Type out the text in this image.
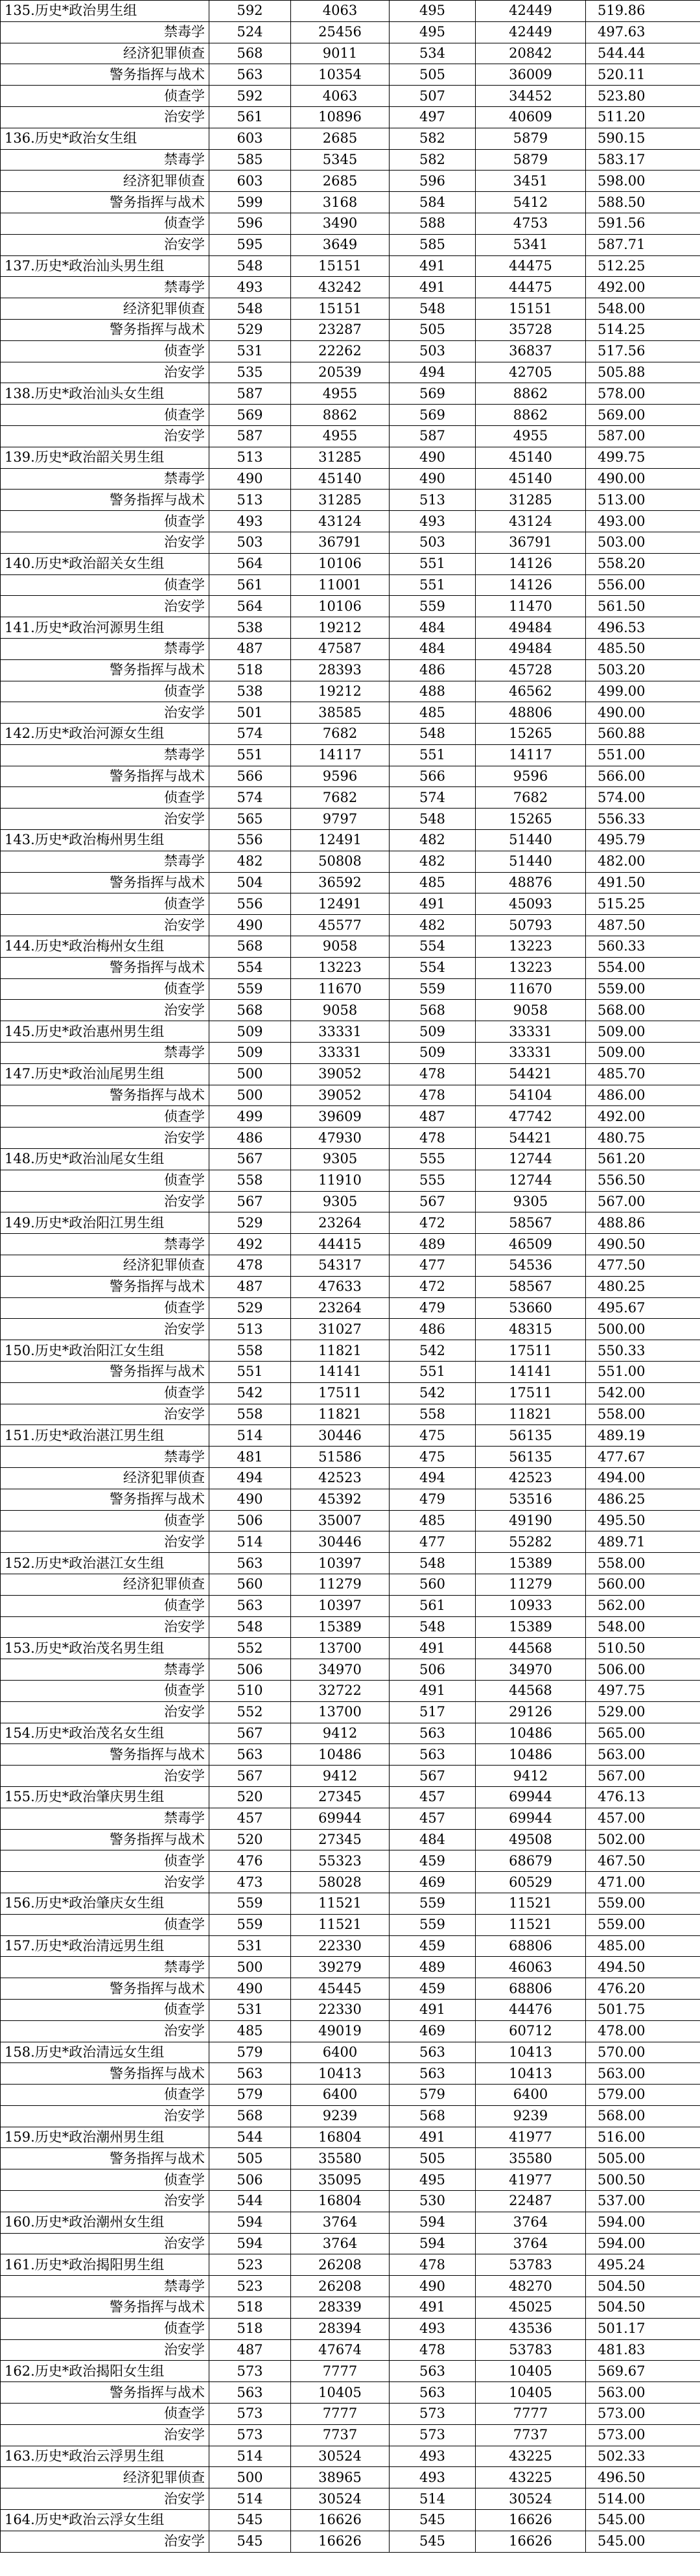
135.历史*政治男生组	592	4063	495	42449	519.86
禁毒学	524	25456	495	42449	497.63
经济犯罪侦查	568	9011	534	20842	544.44
警务指挥与战术	563	10354	505	36009	520.11
侦查学	592	4063	507	34452	523.80
治安学	561	10896	497	40609	511.20
136.历史*政治女生组	603	2685	582	5879	590.15
禁毒学	585	5345	582	5879	583.17
经济犯罪侦查	603	2685	596	3451	598.00
警务指挥与战术	599	3168	584	5412	588.50
侦查学	596	3490	588	4753	591.56
治安学	595	3649	585	5341	587.71
137.历史*政治汕头男生组	548	15151	491	44475	512.25
禁毒学	493	43242	491	44475	492.00
经济犯罪侦查	548	15151	548	15151	548.00
警务指挥与战术	529	23287	505	35728	514.25
侦查学	531	22262	503	36837	517.56
治安学	535	20539	494	42705	505.88
138.历史*政治汕头女生组	587	4955	569	8862	578.00
侦查学	569	8862	569	8862	569.00
治安学	587	4955	587	4955	587.00
139.历史*政治韶关男生组	513	31285	490	45140	499.75
禁毒学	490	45140	490	45140	490.00
警务指挥与战术	513	31285	513	31285	513.00
侦查学	493	43124	493	43124	493.00
治安学	503	36791	503	36791	503.00
140.历史*政治韶关女生组	564	10106	551	14126	558.20
侦查学	561	11001	551	14126	556.00
治安学	564	10106	559	11470	561.50
141.历史*政治河源男生组	538	19212	484	49484	496.53
禁毒学	487	47587	484	49484	485.50
警务指挥与战术	518	28393	486	45728	503.20
侦查学	538	19212	488	46562	499.00
治安学	501	38585	485	48806	490.00
142.历史*政治河源女生组	574	7682	548	15265	560.88
禁毒学	551	14117	551	14117	551.00
警务指挥与战术	566	9596	566	9596	566.00
侦查学	574	7682	574	7682	574.00
治安学	565	9797	548	15265	556.33
143.历史*政治梅州男生组	556	12491	482	51440	495.79
禁毒学	482	50808	482	51440	482.00
警务指挥与战术	504	36592	485	48876	491.50
侦查学	556	12491	491	45093	515.25
治安学	490	45577	482	50793	487.50
144.历史*政治梅州女生组	568	9058	554	13223	560.33
警务指挥与战术	554	13223	554	13223	554.00
侦查学	559	11670	559	11670	559.00
治安学	568	9058	568	9058	568.00
145.历史*政治惠州男生组	509	33331	509	33331	509.00
禁毒学	509	33331	509	33331	509.00
147.历史*政治汕尾男生组	500	39052	478	54421	485.70
警务指挥与战术	500	39052	478	54104	486.00
侦查学	499	39609	487	47742	492.00
治安学	486	47930	478	54421	480.75
148.历史*政治汕尾女生组	567	9305	555	12744	561.20
侦查学	558	11910	555	12744	556.50
治安学	567	9305	567	9305	567.00
149.历史*政治阳江男生组	529	23264	472	58567	488.86
禁毒学	492	44415	489	46509	490.50
经济犯罪侦查	478	54317	477	54536	477.50
警务指挥与战术	487	47633	472	58567	480.25
侦查学	529	23264	479	53660	495.67
治安学	513	31027	486	48315	500.00
150.历史*政治阳江女生组	558	11821	542	17511	550.33
警务指挥与战术	551	14141	551	14141	551.00
侦查学	542	17511	542	17511	542.00
治安学	558	11821	558	11821	558.00
151.历史*政治湛江男生组	514	30446	475	56135	489.19
禁毒学	481	51586	475	56135	477.67
经济犯罪侦查	494	42523	494	42523	494.00
警务指挥与战术	490	45392	479	53516	486.25
侦查学	506	35007	485	49190	495.50
治安学	514	30446	477	55282	489.71
152.历史*政治湛江女生组	563	10397	548	15389	558.00
经济犯罪侦查	560	11279	560	11279	560.00
侦查学	563	10397	561	10933	562.00
治安学	548	15389	548	15389	548.00
153.历史*政治茂名男生组	552	13700	491	44568	510.50
禁毒学	506	34970	506	34970	506.00
侦查学	510	32722	491	44568	497.75
治安学	552	13700	517	29126	529.00
154.历史*政治茂名女生组	567	9412	563	10486	565.00
警务指挥与战术	563	10486	563	10486	563.00
治安学	567	9412	567	9412	567.00
155.历史*政治肇庆男生组	520	27345	457	69944	476.13
禁毒学	457	69944	457	69944	457.00
警务指挥与战术	520	27345	484	49508	502.00
侦查学	476	55323	459	68679	467.50
治安学	473	58028	469	60529	471.00
156.历史*政治肇庆女生组	559	11521	559	11521	559.00
侦查学	559	11521	559	11521	559.00
157.历史*政治清远男生组	531	22330	459	68806	485.00
禁毒学	500	39279	489	46063	494.50
警务指挥与战术	490	45445	459	68806	476.20
侦查学	531	22330	491	44476	501.75
治安学	485	49019	469	60712	478.00
158.历史*政治清远女生组	579	6400	563	10413	570.00
警务指挥与战术	563	10413	563	10413	563.00
侦查学	579	6400	579	6400	579.00
治安学	568	9239	568	9239	568.00
159.历史*政治潮州男生组	544	16804	491	41977	516.00
警务指挥与战术	505	35580	505	35580	505.00
侦查学	506	35095	495	41977	500.50
治安学	544	16804	530	22487	537.00
160.历史*政治潮州女生组	594	3764	594	3764	594.00
治安学	594	3764	594	3764	594.00
161.历史*政治揭阳男生组	523	26208	478	53783	495.24
禁毒学	523	26208	490	48270	504.50
警务指挥与战术	518	28339	491	45025	504.50
侦查学	518	28394	493	43536	501.17
治安学	487	47674	478	53783	481.83
162.历史*政治揭阳女生组	573	7777	563	10405	569.67
警务指挥与战术	563	10405	563	10405	563.00
侦查学	573	7777	573	7777	573.00
治安学	573	7737	573	7737	573.00
163.历史*政治云浮男生组	514	30524	493	43225	502.33
经济犯罪侦查	500	38965	493	43225	496.50
治安学	514	30524	514	30524	514.00
164.历史*政治云浮女生组	545	16626	545	16626	545.00
治安学	545	16626	545	16626	545.00
